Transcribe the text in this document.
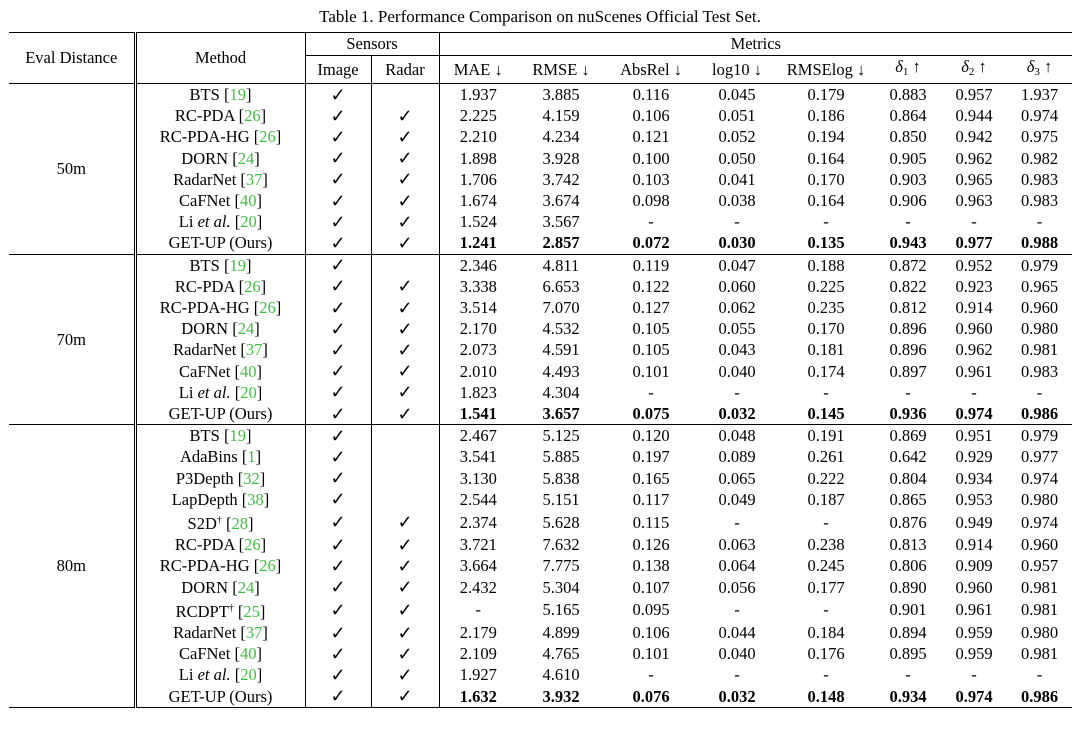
Table 1. Performance Comparison on nuScenes Official Test Set.
Eval Distance	Method	Sensors		Metrics							
		Image	Radar	MAE ↓	RMSE ↓	AbsRel ↓	log10 ↓	RMSElog ↓	$\delta_1$ ↑	$\delta_2$ ↑	$\delta_3$ ↑
50m	BTS [19]	✓		1.937	3.885	0.116	0.045	0.179	0.883	0.957	1.937
	RC-PDA [26]	✓	✓	2.225	4.159	0.106	0.051	0.186	0.864	0.944	0.974
	RC-PDA-HG [26]	✓	✓	2.210	4.234	0.121	0.052	0.194	0.850	0.942	0.975
	DORN [24]	✓	✓	1.898	3.928	0.100	0.050	0.164	0.905	0.962	0.982
	RadarNet [37]	✓	✓	1.706	3.742	0.103	0.041	0.170	0.903	0.965	0.983
	CaFNet [40]	✓	✓	1.674	3.674	0.098	0.038	0.164	0.906	0.963	0.983
	Li et al. [20]	✓	✓	1.524	3.567	-	-	-	-	-	-
	GET-UP (Ours)	✓	✓	1.241	2.857	0.072	0.030	0.135	0.943	0.977	0.988
70m	BTS [19]	✓		2.346	4.811	0.119	0.047	0.188	0.872	0.952	0.979
	RC-PDA [26]	✓	✓	3.338	6.653	0.122	0.060	0.225	0.822	0.923	0.965
	RC-PDA-HG [26]	✓	✓	3.514	7.070	0.127	0.062	0.235	0.812	0.914	0.960
	DORN [24]	✓	✓	2.170	4.532	0.105	0.055	0.170	0.896	0.960	0.980
	RadarNet [37]	✓	✓	2.073	4.591	0.105	0.043	0.181	0.896	0.962	0.981
	CaFNet [40]	✓	✓	2.010	4.493	0.101	0.040	0.174	0.897	0.961	0.983
	Li et al. [20]	✓	✓	1.823	4.304	-	-	-	-	-	-
	GET-UP (Ours)	✓	✓	1.541	3.657	0.075	0.032	0.145	0.936	0.974	0.986
80m	BTS [19]	✓		2.467	5.125	0.120	0.048	0.191	0.869	0.951	0.979
	AdaBins [1]	✓		3.541	5.885	0.197	0.089	0.261	0.642	0.929	0.977
	P3Depth [32]	✓		3.130	5.838	0.165	0.065	0.222	0.804	0.934	0.974
	LapDepth [38]	✓		2.544	5.151	0.117	0.049	0.187	0.865	0.953	0.980
	S2D† [28]	✓	✓	2.374	5.628	0.115	-	-	0.876	0.949	0.974
	RC-PDA [26]	✓	✓	3.721	7.632	0.126	0.063	0.238	0.813	0.914	0.960
	RC-PDA-HG [26]	✓	✓	3.664	7.775	0.138	0.064	0.245	0.806	0.909	0.957
	DORN [24]	✓	✓	2.432	5.304	0.107	0.056	0.177	0.890	0.960	0.981
	RCDPT† [25]	✓	✓	-	5.165	0.095	-	-	0.901	0.961	0.981
	RadarNet [37]	✓	✓	2.179	4.899	0.106	0.044	0.184	0.894	0.959	0.980
	CaFNet [40]	✓	✓	2.109	4.765	0.101	0.040	0.176	0.895	0.959	0.981
	Li et al. [20]	✓	✓	1.927	4.610	-	-	-	-	-	-
	GET-UP (Ours)	✓	✓	1.632	3.932	0.076	0.032	0.148	0.934	0.974	0.986
